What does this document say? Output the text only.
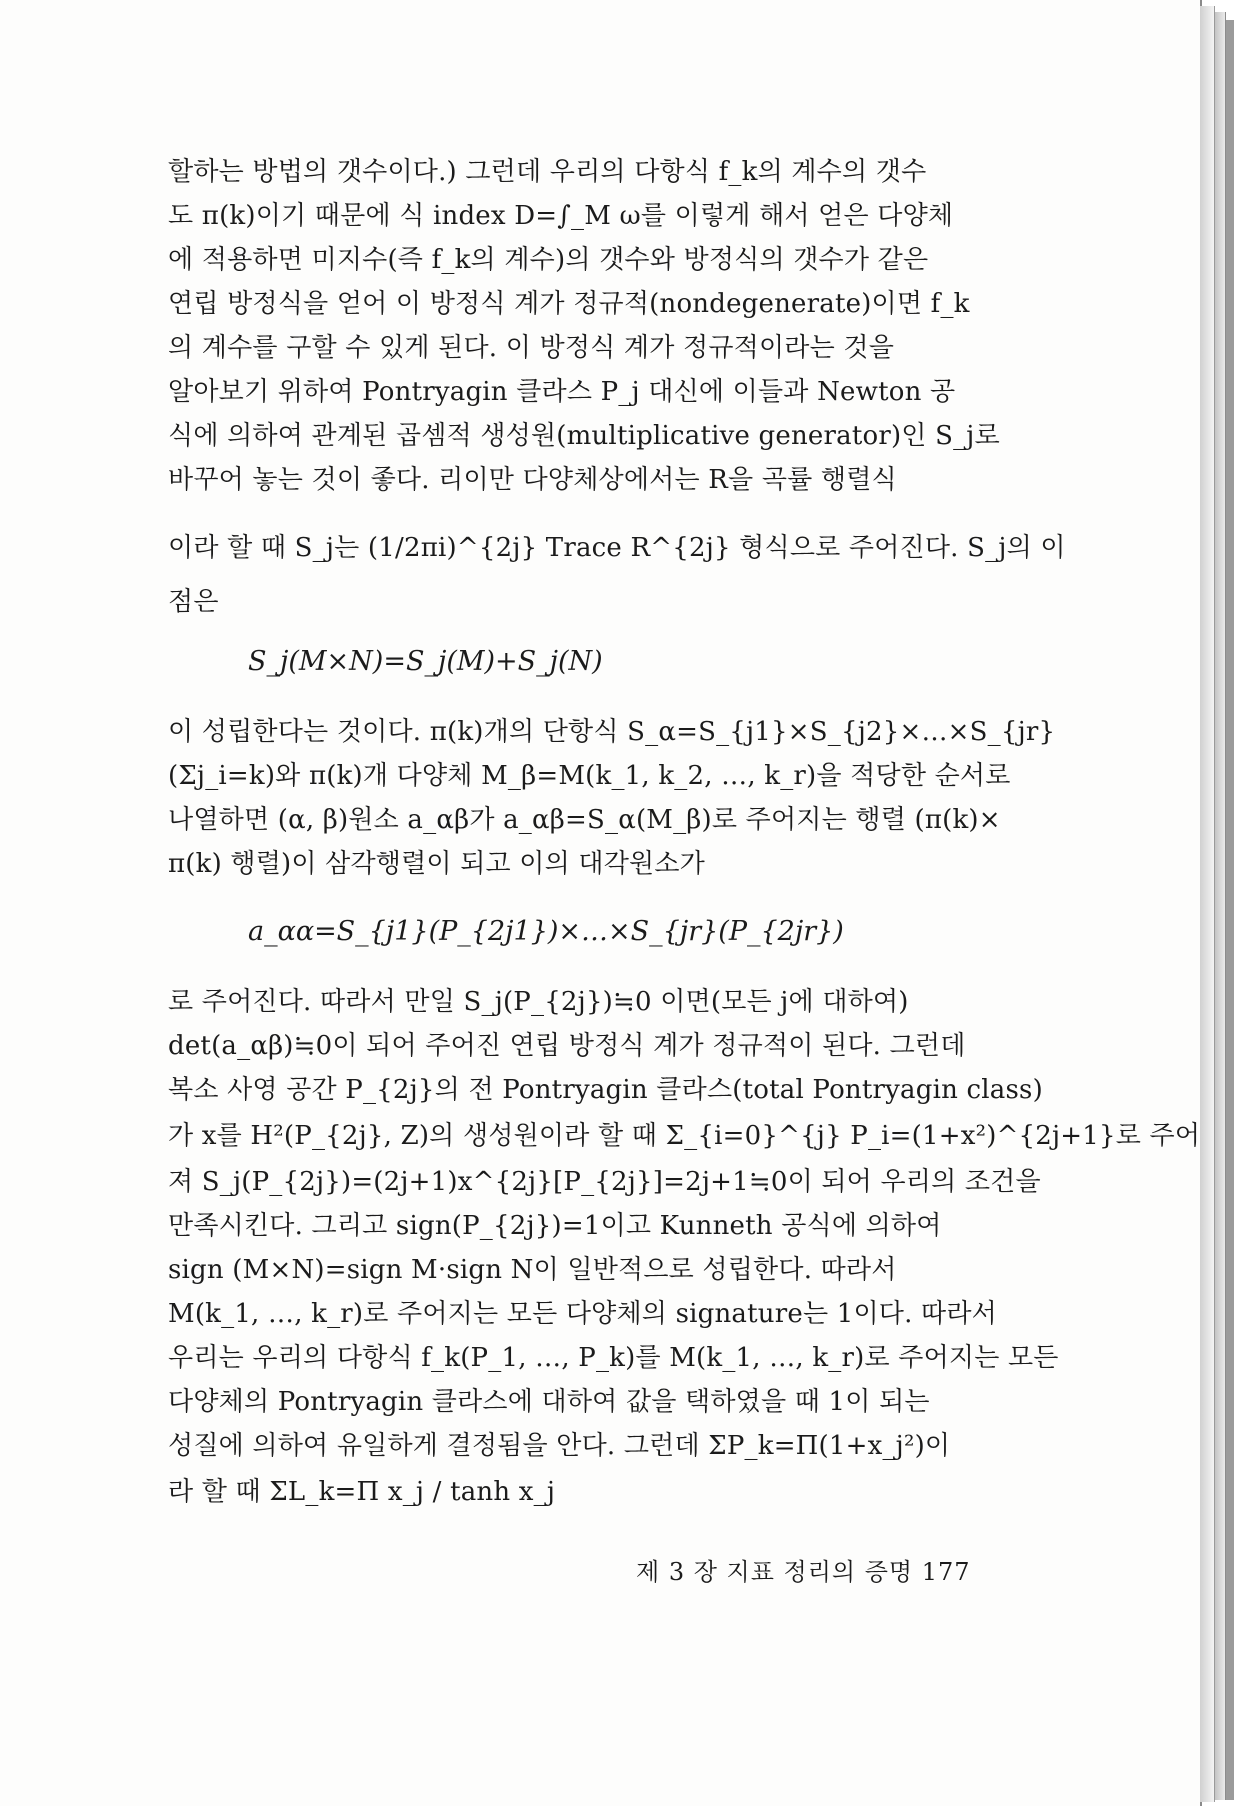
할하는 방법의 갯수이다.) 그런데 우리의 다항식 f_k의 계수의 갯수
도 π(k)이기 때문에 식 index D=∫_M ω를 이렇게 해서 얻은 다양체
에 적용하면 미지수(즉 f_k의 계수)의 갯수와 방정식의 갯수가 같은
연립 방정식을 얻어 이 방정식 계가 정규적(nondegenerate)이면 f_k
의 계수를 구할 수 있게 된다. 이 방정식 계가 정규적이라는 것을
알아보기 위하여 Pontryagin 클라스 P_j 대신에 이들과 Newton 공
식에 의하여 관계된 곱셈적 생성원(multiplicative generator)인 S_j로
바꾸어 놓는 것이 좋다. 리이만 다양체상에서는 R을 곡률 행렬식
이라 할 때 S_j는 (1/2πi)^{2j} Trace R^{2j} 형식으로 주어진다. S_j의 이
점은
S_j(M×N)=S_j(M)+S_j(N)
이 성립한다는 것이다. π(k)개의 단항식 S_α=S_{j1}×S_{j2}×…×S_{jr}
(Σj_i=k)와 π(k)개 다양체 M_β=M(k_1, k_2, …, k_r)을 적당한 순서로
나열하면 (α, β)원소 a_αβ가 a_αβ=S_α(M_β)로 주어지는 행렬 (π(k)×
π(k) 행렬)이 삼각행렬이 되고 이의 대각원소가
a_αα=S_{j1}(P_{2j1})×…×S_{jr}(P_{2jr})
로 주어진다. 따라서 만일 S_j(P_{2j})≒0 이면(모든 j에 대하여)
det(a_αβ)≒0이 되어 주어진 연립 방정식 계가 정규적이 된다. 그런데
복소 사영 공간 P_{2j}의 전 Pontryagin 클라스(total Pontryagin class)
가 x를 H²(P_{2j}, Z)의 생성원이라 할 때 Σ_{i=0}^{j} P_i=(1+x²)^{2j+1}로 주어
져 S_j(P_{2j})=(2j+1)x^{2j}[P_{2j}]=2j+1≒0이 되어 우리의 조건을
만족시킨다. 그리고 sign(P_{2j})=1이고 Kunneth 공식에 의하여
sign (M×N)=sign M·sign N이 일반적으로 성립한다. 따라서
M(k_1, …, k_r)로 주어지는 모든 다양체의 signature는 1이다. 따라서
우리는 우리의 다항식 f_k(P_1, …, P_k)를 M(k_1, …, k_r)로 주어지는 모든
다양체의 Pontryagin 클라스에 대하여 값을 택하였을 때 1이 되는
성질에 의하여 유일하게 결정됨을 안다. 그런데 ΣP_k=Π(1+x_j²)이
라 할 때 ΣL_k=Π x_j / tanh x_j
제 3 장 지표 정리의 증명 177
